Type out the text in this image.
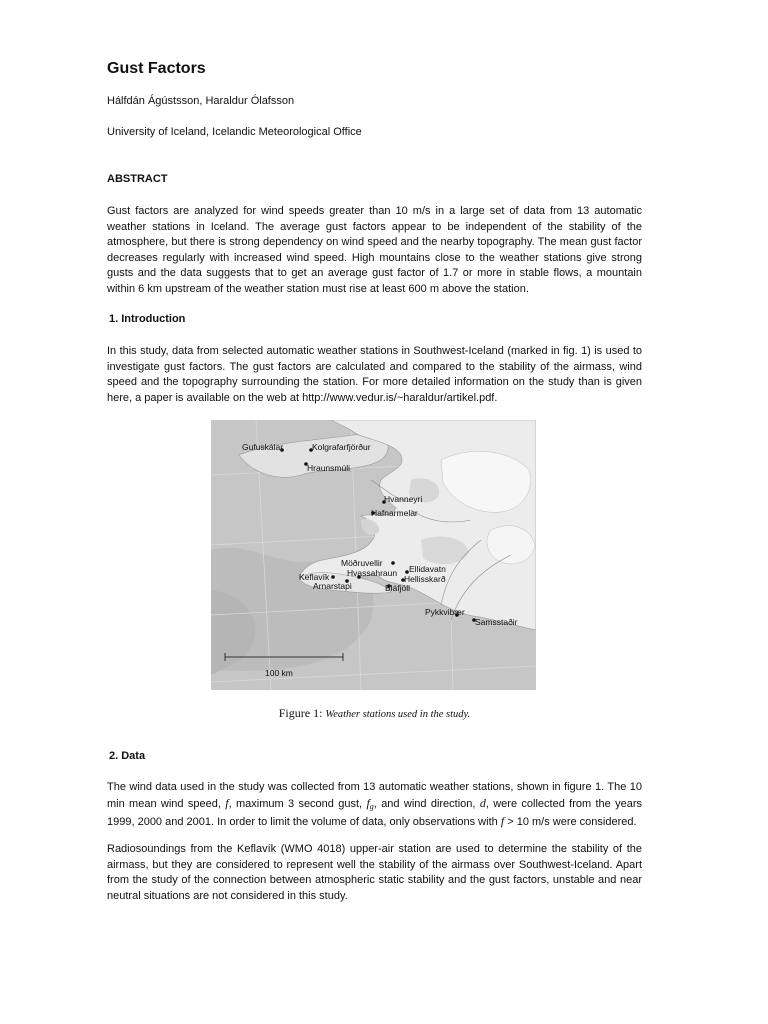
Gust Factors
Hálfdán Ágústsson, Haraldur Ólafsson
University of Iceland, Icelandic Meteorological Office
ABSTRACT

Gust factors are analyzed for wind speeds greater than 10 m/s in a large set of data from 13 automatic weather stations in Iceland. The average gust factors appear to be independent of the stability of the atmosphere, but there is strong dependency on wind speed and the nearby topography. The mean gust factor decreases regularly with increased wind speed. High mountains close to the weather stations give strong gusts and the data suggests that to get an average gust factor of 1.7 or more in stable flows, a mountain within 6 km upstream of the weather station must rise at least 600 m above the station.

1. Introduction

In this study, data from selected automatic weather stations in Southwest-Iceland (marked in fig. 1) is used to investigate gust factors. The gust factors are calculated and compared to the stability of the airmass, wind speed and the topography surrounding the station. For more detailed information on the study than is given here, a paper is available on the web at http://www.vedur.is/~haraldur/artikel.pdf.

100 km
Gufuskálar	Kolgrafarfjörður
Hraunsmúli
Hvanneyri
Hafnarmelar
Möðruvellir
Keflavík Hvassahraun
Arnarstapi
Ellidavatn
Hellisskarð
Bláfjöll
Pykkvibær
Samsstaðir
Figure 1: Weather stations used in the study.
2. Data

The wind data used in the study was collected from 13 automatic weather stations, shown in figure 1. The 10 min mean wind speed, f, maximum 3 second gust, $f_g$, and wind direction, d, were collected from the years 1999, 2000 and 2001. In order to limit the volume of data, only observations with f > 10 m/s were considered.

Radiosoundings from the Keflavík (WMO 4018) upper-air station are used to determine the stability of the airmass, but they are considered to represent well the stability of the airmass over Southwest-Iceland. Apart from the study of the connection between atmospheric static stability and the gust factors, unstable and near neutral situations are not considered in this study.
